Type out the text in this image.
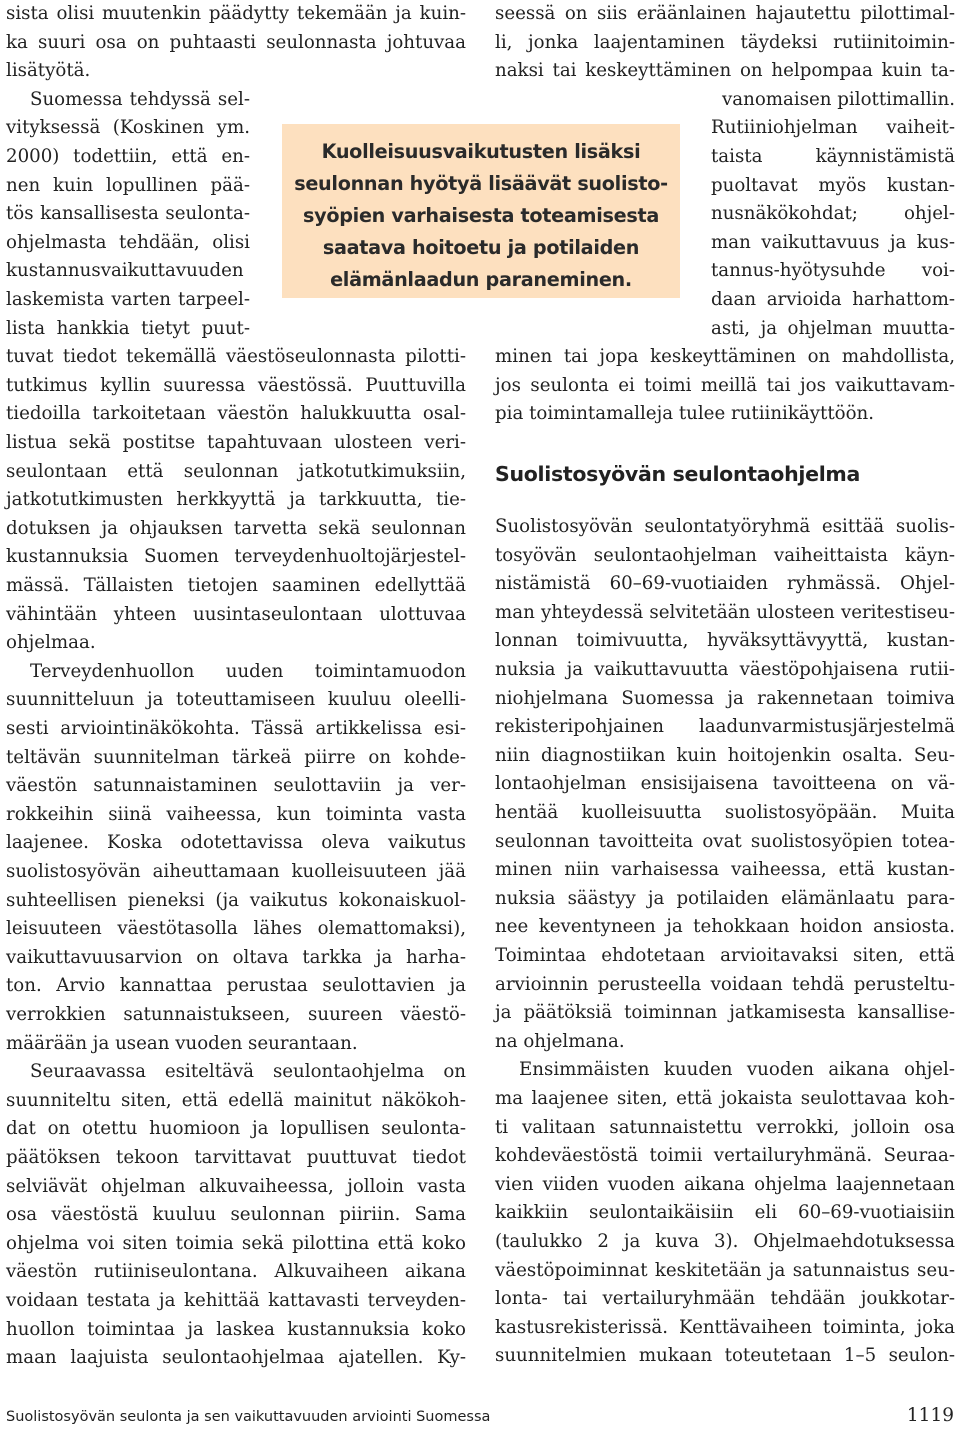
sista olisi muutenkin päädytty tekemään ja kuin-
ka suuri osa on puhtaasti seulonnasta johtuvaa
lisätyötä.
Suomessa tehdyssä sel-
vityksessä (Koskinen ym.
2000) todettiin, että en-
nen kuin lopullinen pää-
tös kansallisesta seulonta-
ohjelmasta tehdään, olisi
kustannusvaikuttavuuden
laskemista varten tarpeel-
lista hankkia tietyt puut-
tuvat tiedot tekemällä väestöseulonnasta pilotti-
tutkimus kyllin suuressa väestössä. Puuttuvilla
tiedoilla tarkoitetaan väestön halukkuutta osal-
listua sekä postitse tapahtuvaan ulosteen veri-
seulontaan että seulonnan jatkotutkimuksiin,
jatkotutkimusten herkkyyttä ja tarkkuutta, tie-
dotuksen ja ohjauksen tarvetta sekä seulonnan
kustannuksia Suomen terveydenhuoltojärjestel-
mässä. Tällaisten tietojen saaminen edellyttää
vähintään yhteen uusintaseulontaan ulottuvaa
ohjelmaa.
Terveydenhuollon uuden toimintamuodon
suunnitteluun ja toteuttamiseen kuuluu oleelli-
sesti arviointinäkökohta. Tässä artikkelissa esi-
teltävän suunnitelman tärkeä piirre on kohde-
väestön satunnaistaminen seulottaviin ja ver-
rokkeihin siinä vaiheessa, kun toiminta vasta
laajenee. Koska odotettavissa oleva vaikutus
suolistosyövän aiheuttamaan kuolleisuuteen jää
suhteellisen pieneksi (ja vaikutus kokonaiskuol-
leisuuteen väestötasolla lähes olemattomaksi),
vaikuttavuusarvion on oltava tarkka ja harha-
ton. Arvio kannattaa perustaa seulottavien ja
verrokkien satunnaistukseen, suureen väestö-
määrään ja usean vuoden seurantaan.
Seuraavassa esiteltävä seulontaohjelma on
suunniteltu siten, että edellä mainitut näkökoh-
dat on otettu huomioon ja lopullisen seulonta-
päätöksen tekoon tarvittavat puuttuvat tiedot
selviävät ohjelman alkuvaiheessa, jolloin vasta
osa väestöstä kuuluu seulonnan piiriin. Sama
ohjelma voi siten toimia sekä pilottina että koko
väestön rutiiniseulontana. Alkuvaiheen aikana
voidaan testata ja kehittää kattavasti terveyden-
huollon toimintaa ja laskea kustannuksia koko
maan laajuista seulontaohjelmaa ajatellen. Ky-
seessä on siis eräänlainen hajautettu pilottimal-
li, jonka laajentaminen täydeksi rutiinitoimin-
naksi tai keskeyttäminen on helpompaa kuin ta-
vanomaisen pilottimallin.
Rutiiniohjelman vaiheit-
taista käynnistämistä
puoltavat myös kustan-
nusnäkökohdat; ohjel-
man vaikuttavuus ja kus-
tannus-hyötysuhde voi-
daan arvioida harhattom-
asti, ja ohjelman muutta-
minen tai jopa keskeyttäminen on mahdollista,
jos seulonta ei toimi meillä tai jos vaikuttavam-
pia toimintamalleja tulee rutiinikäyttöön.
Suolistosyövän seulontatyöryhmä esittää suolis-
tosyövän seulontaohjelman vaiheittaista käyn-
nistämistä 60–69-vuotiaiden ryhmässä. Ohjel-
man yhteydessä selvitetään ulosteen veritestiseu-
lonnan toimivuutta, hyväksyttävyyttä, kustan-
nuksia ja vaikuttavuutta väestöpohjaisena rutii-
niohjelmana Suomessa ja rakennetaan toimiva
rekisteripohjainen laadunvarmistusjärjestelmä
niin diagnostiikan kuin hoitojenkin osalta. Seu-
lontaohjelman ensisijaisena tavoitteena on vä-
hentää kuolleisuutta suolistosyöpään. Muita
seulonnan tavoitteita ovat suolistosyöpien totea-
minen niin varhaisessa vaiheessa, että kustan-
nuksia säästyy ja potilaiden elämänlaatu para-
nee keventyneen ja tehokkaan hoidon ansiosta.
Toimintaa ehdotetaan arvioitavaksi siten, että
arvioinnin perusteella voidaan tehdä perusteltu-
ja päätöksiä toiminnan jatkamisesta kansallise-
na ohjelmana.
Ensimmäisten kuuden vuoden aikana ohjel-
ma laajenee siten, että jokaista seulottavaa koh-
ti valitaan satunnaistettu verrokki, jolloin osa
kohdeväestöstä toimii vertailuryhmänä. Seuraa-
vien viiden vuoden aikana ohjelma laajennetaan
kaikkiin seulontaikäisiin eli 60–69-vuotiaisiin
(taulukko 2 ja kuva 3). Ohjelmaehdotuksessa
väestöpoiminnat keskitetään ja satunnaistus seu-
lonta- tai vertailuryhmään tehdään joukkotar-
kastusrekisterissä. Kenttävaiheen toiminta, joka
suunnitelmien mukaan toteutetaan 1–5 seulon-
Kuolleisuusvaikutusten lisäksi
seulonnan hyötyä lisäävät suolisto-
syöpien varhaisesta toteamisesta
saatava hoitoetu ja potilaiden
elämänlaadun paraneminen.
Suolistosyövän seulontaohjelma
Suolistosyövän seulonta ja sen vaikuttavuuden arviointi Suomessa	1119
